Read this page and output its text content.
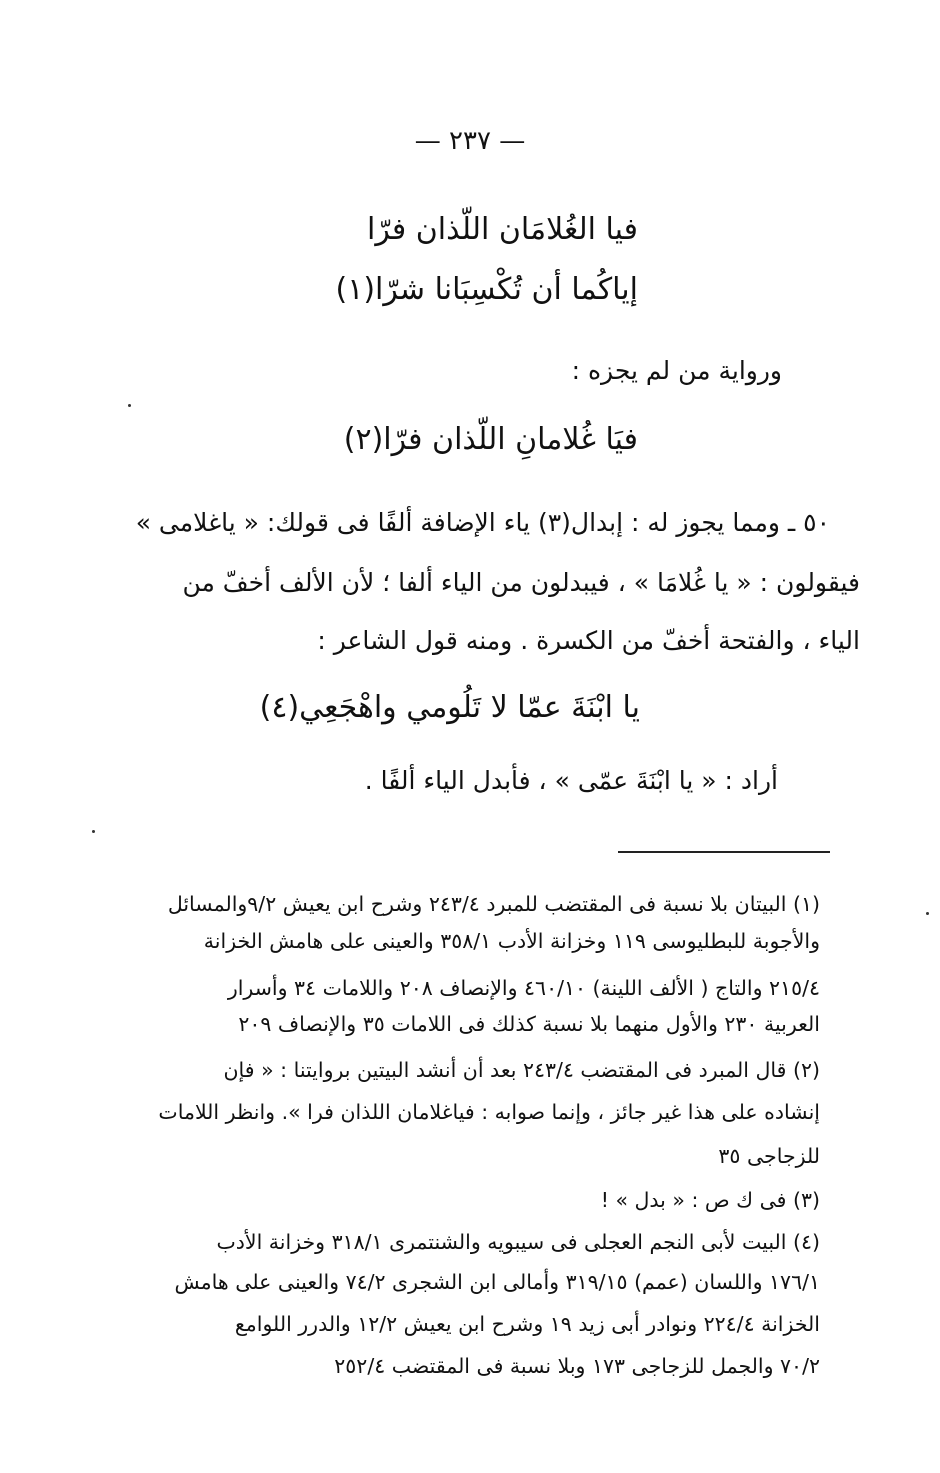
— ٢٣٧ —
فيا الغُلامَان اللّذان فرّا
إياكُما أن تُكْسِبَانا شرّا(١)
ورواية من لم يجزه :
فيَا غُلامانِ اللّذان فرّا(٢)
٥٠ ـ ومما يجوز له : إبدال(٣) ياء الإضافة ألفًا فى قولك: « ياغلامى »
فيقولون : « يا غُلامَا » ، فيبدلون من الياء ألفا ؛ لأن الألف أخفّ من
الياء ، والفتحة أخفّ من الكسرة . ومنه قول الشاعر :
يا ابْنَةَ عمّا لا تَلُومي واهْجَعِي(٤)
أراد : « يا ابْنَةَ عمّى » ، فأبدل الياء ألفًا .
(١) البيتان بلا نسبة فى المقتضب للمبرد ٢٤٣/٤ وشرح ابن يعيش ٩/٢والمسائل
والأجوبة للبطليوسى ١١٩ وخزانة الأدب ٣٥٨/١ والعينى على هامش الخزانة
٢١٥/٤ والتاج ( الألف اللينة) ٤٦٠/١٠ والإنصاف ٢٠٨ واللامات ٣٤ وأسرار
العربية ٢٣٠ والأول منهما بلا نسبة كذلك فى اللامات ٣٥ والإنصاف ٢٠٩
(٢) قال المبرد فى المقتضب ٢٤٣/٤ بعد أن أنشد البيتين بروايتنا : « فإن
إنشاده على هذا غير جائز ، وإنما صوابه : فياغلامان اللذان فرا ». وانظر اللامات
للزجاجى ٣٥
(٣) فى ك ص : « بدل » !
(٤) البيت لأبى النجم العجلى فى سيبويه والشنتمرى ٣١٨/١ وخزانة الأدب
١٧٦/١ واللسان (عمم) ٣١٩/١٥ وأمالى ابن الشجرى ٧٤/٢ والعينى على هامش
الخزانة ٢٢٤/٤ ونوادر أبى زيد ١٩ وشرح ابن يعيش ١٢/٢ والدرر اللوامع
٧٠/٢ والجمل للزجاجى ١٧٣ وبلا نسبة فى المقتضب ٢٥٢/٤
